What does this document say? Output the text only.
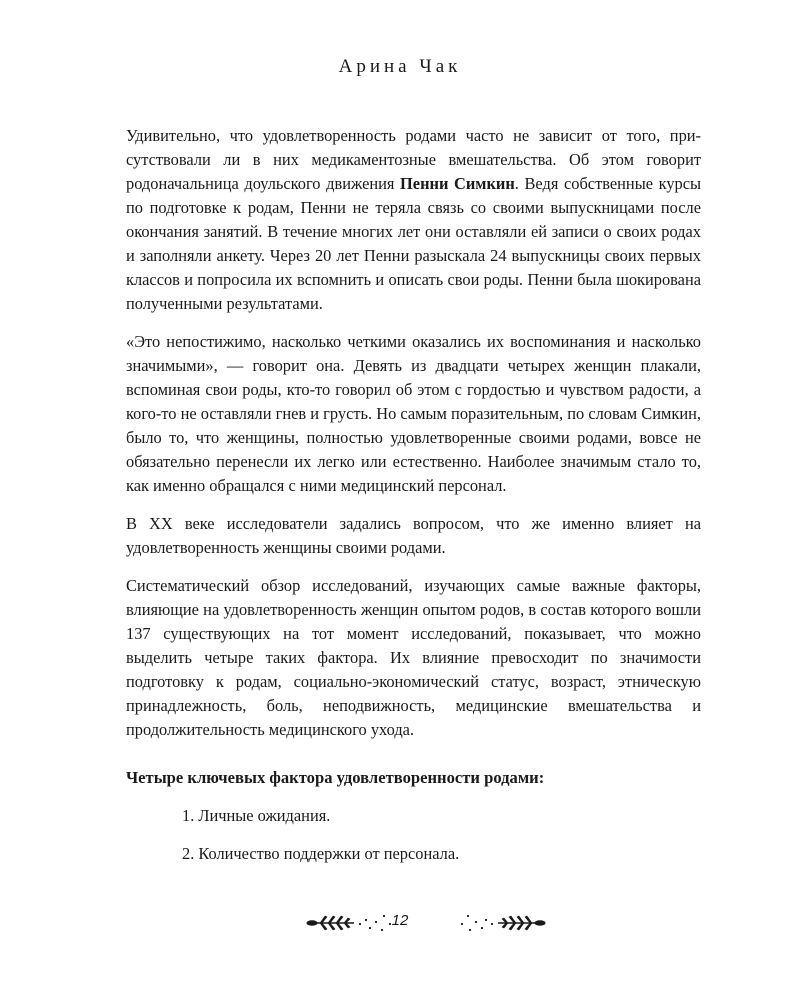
Арина Чак

Удивительно, что удовлетворенность родами часто не зависит от того, присутствовали ли в них медикаментозные вмешательства. Об этом говорит родоначальница доульского движения Пенни Симкин. Ведя собственные курсы по подготовке к родам, Пенни не теряла связь со своими выпускницами после окончания занятий. В течение многих лет они оставляли ей записи о своих родах и заполняли анкету. Через 20 лет Пенни разыскала 24 выпускницы своих первых классов и попросила их вспомнить и описать свои роды. Пенни была шокирована полученными результатами.

«Это непостижимо, насколько четкими оказались их воспоминания и насколько значимыми», — говорит она. Девять из двадцати четырех женщин плакали, вспоминая свои роды, кто-то говорил об этом с гордостью и чувством радости, а кого-то не оставляли гнев и грусть. Но самым поразительным, по словам Симкин, было то, что женщины, полностью удовлетворенные своими родами, вовсе не обязательно перенесли их легко или естественно. Наиболее значимым стало то, как именно обращался с ними медицинский персонал.

В XX веке исследователи задались вопросом, что же именно влияет на удовлетворенность женщины своими родами.

Систематический обзор исследований, изучающих самые важные факторы, влияющие на удовлетворенность женщин опытом родов, в состав которого вошли 137 существующих на тот момент исследований, показывает, что можно выделить четыре таких фактора. Их влияние превосходит по значимости подготовку к родам, социально-экономический статус, возраст, этническую принадлежность, боль, неподвижность, медицинские вмешательства и продолжительность медицинского ухода.

Четыре ключевых фактора удовлетворенности родами:
1. Личные ожидания.
2. Количество поддержки от персонала.
12
